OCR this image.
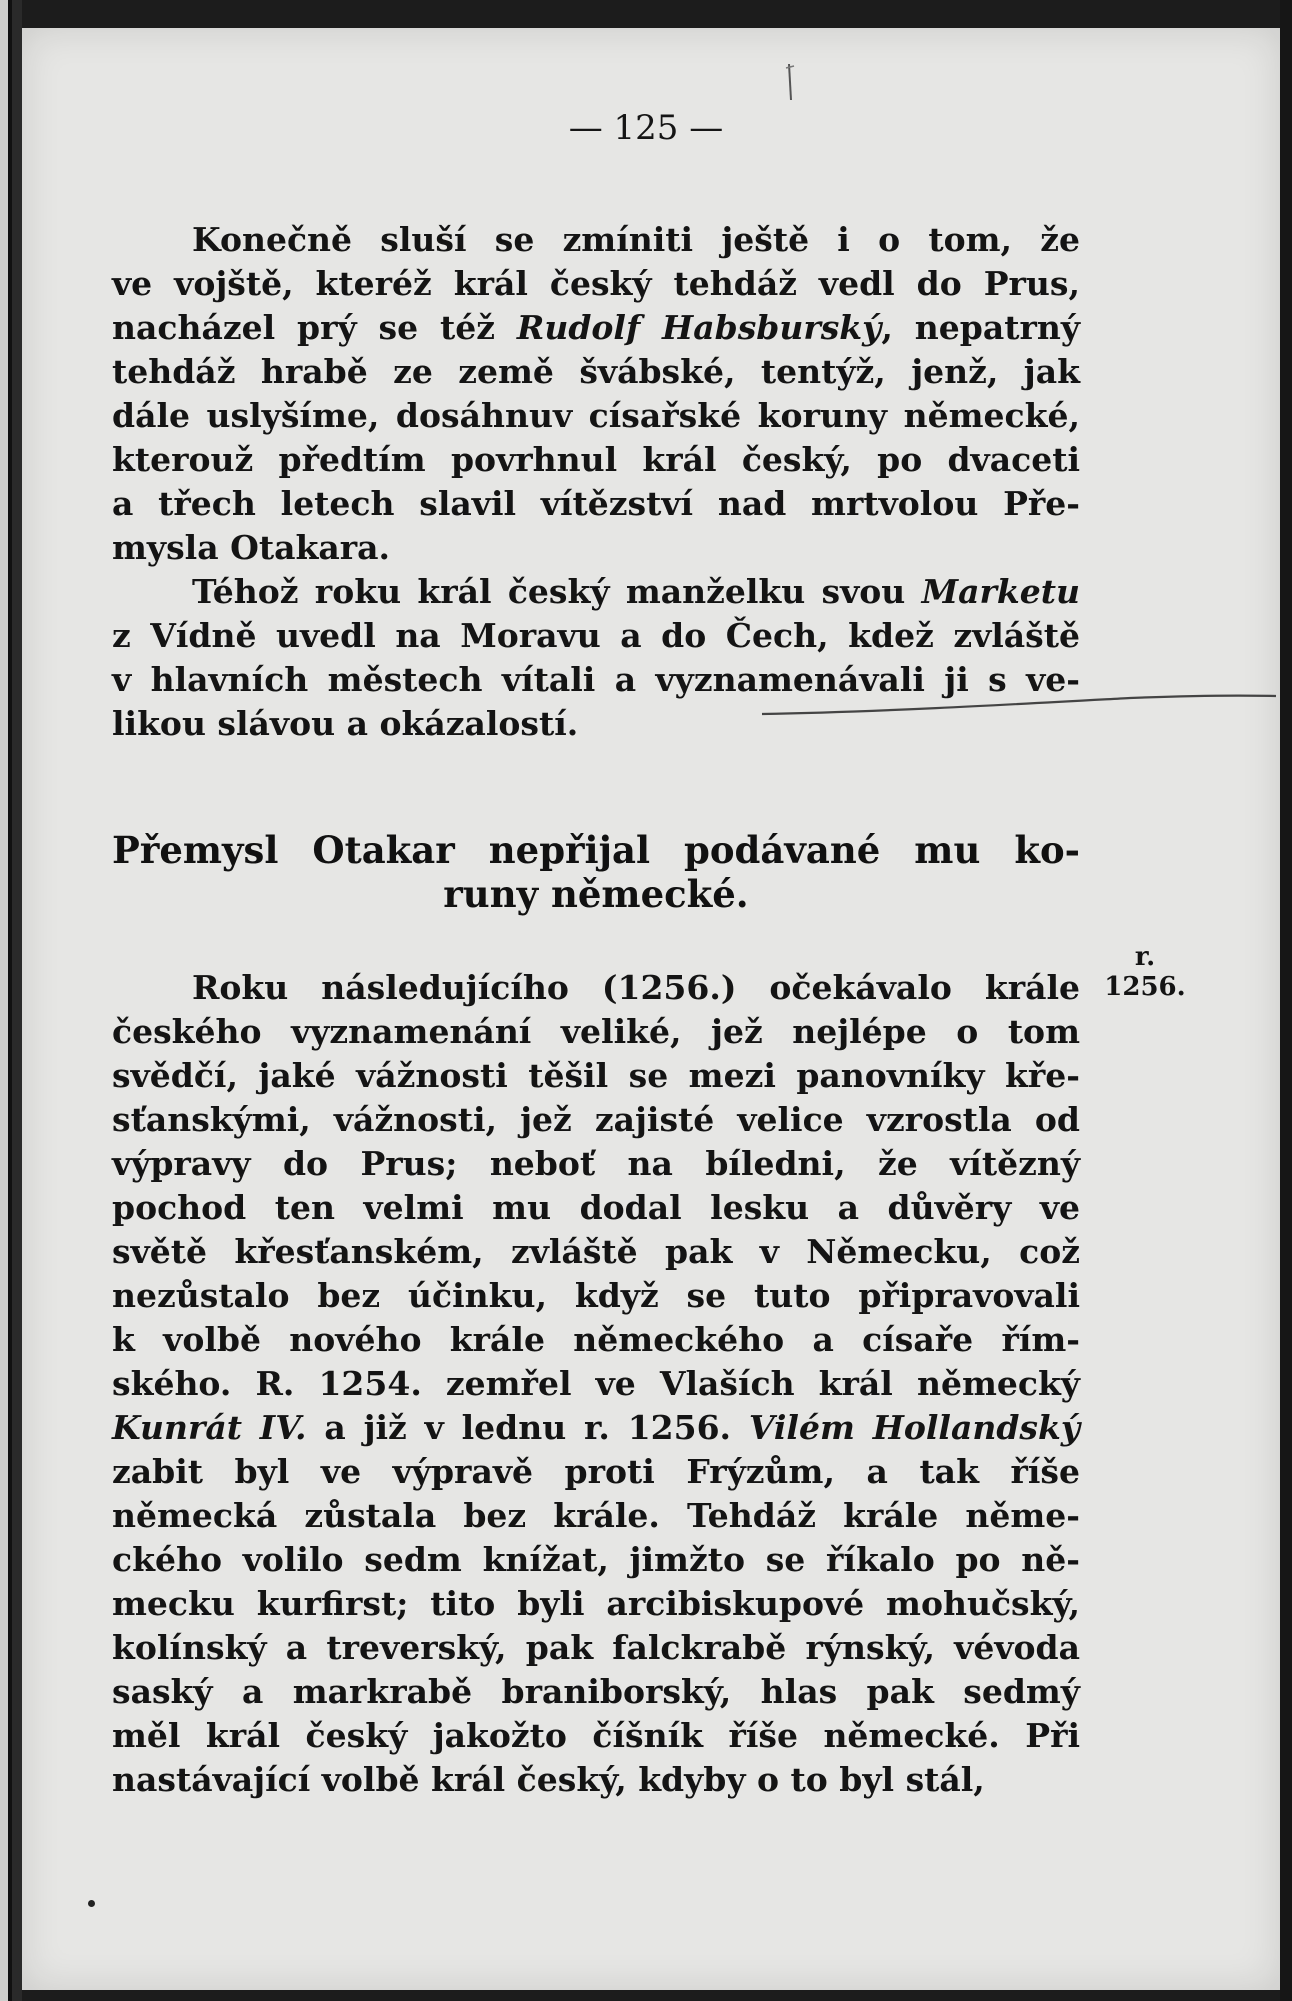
— 125 —
Konečně sluší se zmíniti ještě i o tom, že
ve vojště, kteréž král český tehdáž vedl do Prus,
nacházel prý se též Rudolf Habsburský, nepatrný
tehdáž hrabě ze země švábské, tentýž, jenž, jak
dále uslyšíme, dosáhnuv císařské koruny německé,
kterouž předtím povrhnul král český, po dvaceti
a třech letech slavil vítězství nad mrtvolou Pře-
mysla Otakara.
Téhož roku král český manželku svou Marketu
z Vídně uvedl na Moravu a do Čech, kdež zvláště
v hlavních městech vítali a vyznamenávali ji s ve-
likou slávou a okázalostí.
Přemysl Otakar nepřijal podávané mu ko-
runy německé.
r.
1256.
Roku následujícího (1256.) očekávalo krále
českého vyznamenání veliké, jež nejlépe o tom
svědčí, jaké vážnosti těšil se mezi panovníky kře-
sťanskými, vážnosti, jež zajisté velice vzrostla od
výpravy do Prus; neboť na bíledni, že vítězný
pochod ten velmi mu dodal lesku a důvěry ve
světě křesťanském, zvláště pak v Německu, což
nezůstalo bez účinku, když se tuto připravovali
k volbě nového krále německého a císaře řím-
ského. R. 1254. zemřel ve Vlaších král německý
Kunrát IV. a již v lednu r. 1256. Vilém Hollandský
zabit byl ve výpravě proti Frýzům, a tak říše
německá zůstala bez krále. Tehdáž krále něme-
ckého volilo sedm knížat, jimžto se říkalo po ně-
mecku kurfirst; tito byli arcibiskupové mohučský,
kolínský a treverský, pak falckrabě rýnský, vévoda
saský a markrabě braniborský, hlas pak sedmý
měl král český jakožto číšník říše německé. Při
nastávající volbě král český, kdyby o to byl stál,
